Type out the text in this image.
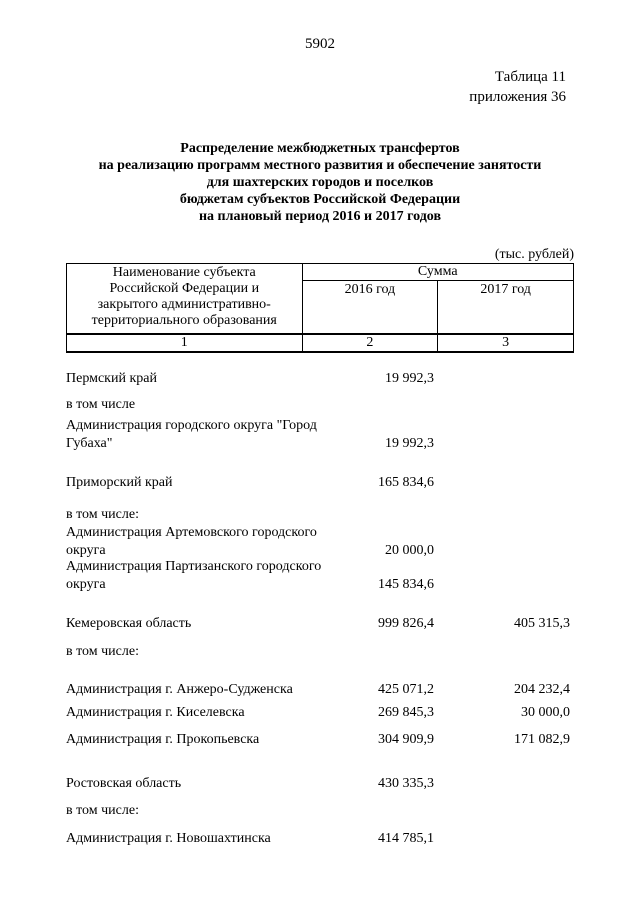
5902
Таблица 11
приложения 36
Распределение межбюджетных трансфертов
на реализацию программ местного развития и обеспечение занятости
для шахтерских городов и поселков
бюджетам субъектов Российской Федерации
на плановый период 2016 и 2017 годов
(тыс. рублей)
Наименование субъекта
Российской Федерации и
закрытого административно-
территориального образования	Сумма	
	2016 год	2017 год
1	2	3
Пермский край	19 992,3
в том числе
Администрация городского округа "Город Губаха"	19 992,3
Приморский край	165 834,6
в том числе:
Администрация Артемовского городского округа	20 000,0
Администрация Партизанского городского округа	145 834,6
Кемеровская область	999 826,4	405 315,3
в том числе:
Администрация г. Анжеро-Судженска	425 071,2	204 232,4
Администрация г. Киселевска	269 845,3	30 000,0
Администрация г. Прокопьевска	304 909,9	171 082,9
Ростовская область	430 335,3
в том числе:
Администрация г. Новошахтинска	414 785,1
